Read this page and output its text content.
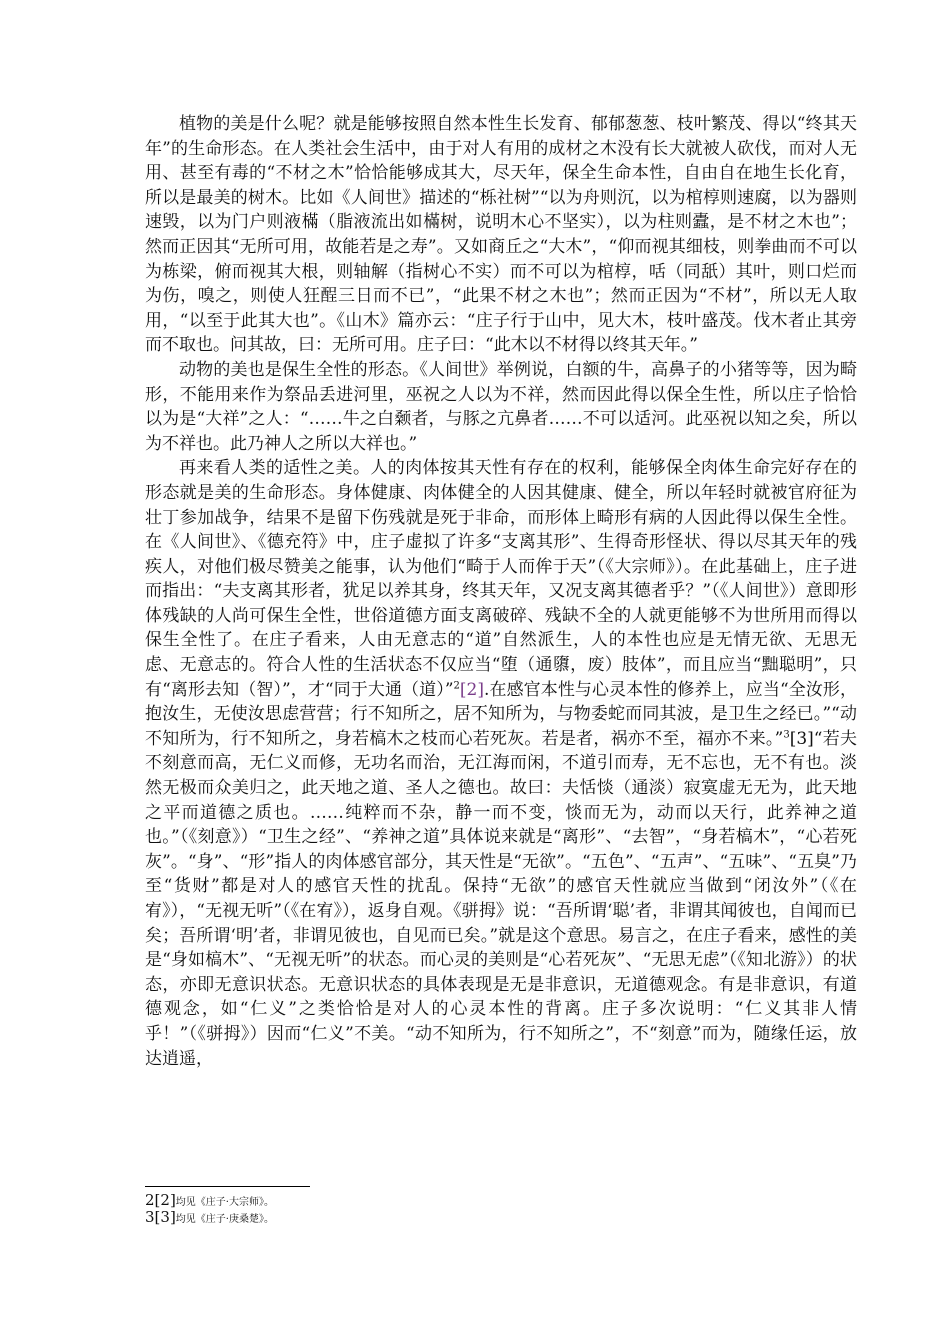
植物的美是什么呢？就是能够按照自然本性生长发育、郁郁葱葱、枝叶繁茂、得以“终其天年”的生命形态。在人类社会生活中，由于对人有用的成材之木没有长大就被人砍伐，而对人无用、甚至有毒的“不材之木”恰恰能够成其大，尽天年，保全生命本性，自由自在地生长化育，所以是最美的树木。比如《人间世》描述的“栎社树”“以为舟则沉，以为棺椁则速腐，以为器则速毁，以为门户则液樠（脂液流出如樠树，说明木心不坚实），以为柱则蠹，是不材之木也”；然而正因其“无所可用，故能若是之寿”。又如商丘之“大木”，“仰而视其细枝，则拳曲而不可以为栋梁，俯而视其大根，则轴解（指树心不实）而不可以为棺椁，咶（同舐）其叶，则口烂而为伤，嗅之，则使人狂酲三日而不已”，“此果不材之木也”；然而正因为“不材”，所以无人取用，“以至于此其大也”。《山木》篇亦云：“庄子行于山中，见大木，枝叶盛茂。伐木者止其旁而不取也。问其故，曰：无所可用。庄子曰：“此木以不材得以终其天年。”

动物的美也是保生全性的形态。《人间世》举例说，白额的牛，高鼻子的小猪等等，因为畸形，不能用来作为祭品丢进河里，巫祝之人以为不祥，然而因此得以保全生性，所以庄子恰恰以为是“大祥”之人：“……牛之白颡者，与豚之亢鼻者……不可以适河。此巫祝以知之矣，所以为不祥也。此乃神人之所以大祥也。”

再来看人类的适性之美。人的肉体按其天性有存在的权利，能够保全肉体生命完好存在的形态就是美的生命形态。身体健康、肉体健全的人因其健康、健全，所以年轻时就被官府征为壮丁参加战争，结果不是留下伤残就是死于非命，而形体上畸形有病的人因此得以保生全性。在《人间世》、《德充符》中，庄子虚拟了许多“支离其形”、生得奇形怪状、得以尽其天年的残疾人，对他们极尽赞美之能事，认为他们“畸于人而侔于天”（《大宗师》）。在此基础上，庄子进而指出：“夫支离其形者，犹足以养其身，终其天年，又况支离其德者乎？”（《人间世》）意即形体残缺的人尚可保生全性，世俗道德方面支离破碎、残缺不全的人就更能够不为世所用而得以保生全性了。在庄子看来，人由无意志的“道”自然派生，人的本性也应是无情无欲、无思无虑、无意志的。符合人性的生活状态不仅应当“堕（通隳，废）肢体”，而且应当“黜聪明”，只有“离形去知（智）”，才“同于大通（道）”$^2$[2].在感官本性与心灵本性的修养上，应当“全汝形，抱汝生，无使汝思虑营营；行不知所之，居不知所为，与物委蛇而同其波，是卫生之经已。”“动不知所为，行不知所之，身若槁木之枝而心若死灰。若是者，祸亦不至，福亦不来。”$^3$[3]“若夫不刻意而高，无仁义而修，无功名而治，无江海而闲，不道引而寿，无不忘也，无不有也。淡然无极而众美归之，此天地之道、圣人之德也。故曰：夫恬惔（通淡）寂寞虚无无为，此天地之平而道德之质也。……纯粹而不杂，静一而不变，惔而无为，动而以天行，此养神之道也。”（《刻意》）“卫生之经”、“养神之道”具体说来就是“离形”、“去智”，“身若槁木”，“心若死灰”。“身”、“形”指人的肉体感官部分，其天性是“无欲”。“五色”、“五声”、“五味”、“五臭”乃至“货财”都是对人的感官天性的扰乱。保持“无欲”的感官天性就应当做到“闭汝外”（《在宥》），“无视无听”（《在宥》），返身自观。《骈拇》说：“吾所谓‘聪’者，非谓其闻彼也，自闻而已矣；吾所谓‘明’者，非谓见彼也，自见而已矣。”就是这个意思。易言之，在庄子看来，感性的美是“身如槁木”、“无视无听”的状态。而心灵的美则是“心若死灰”、“无思无虑”（《知北游》）的状态，亦即无意识状态。无意识状态的具体表现是无是非意识，无道德观念。有是非意识，有道德观念，如“仁义”之类恰恰是对人的心灵本性的背离。庄子多次说明：“仁义其非人情乎！”（《骈拇》）因而“仁义”不美。“动不知所为，行不知所之”，不“刻意”而为，随缘任运，放达逍遥，

2[2]均见《庄子·大宗师》。

3[3]均见《庄子·庚桑楚》。
